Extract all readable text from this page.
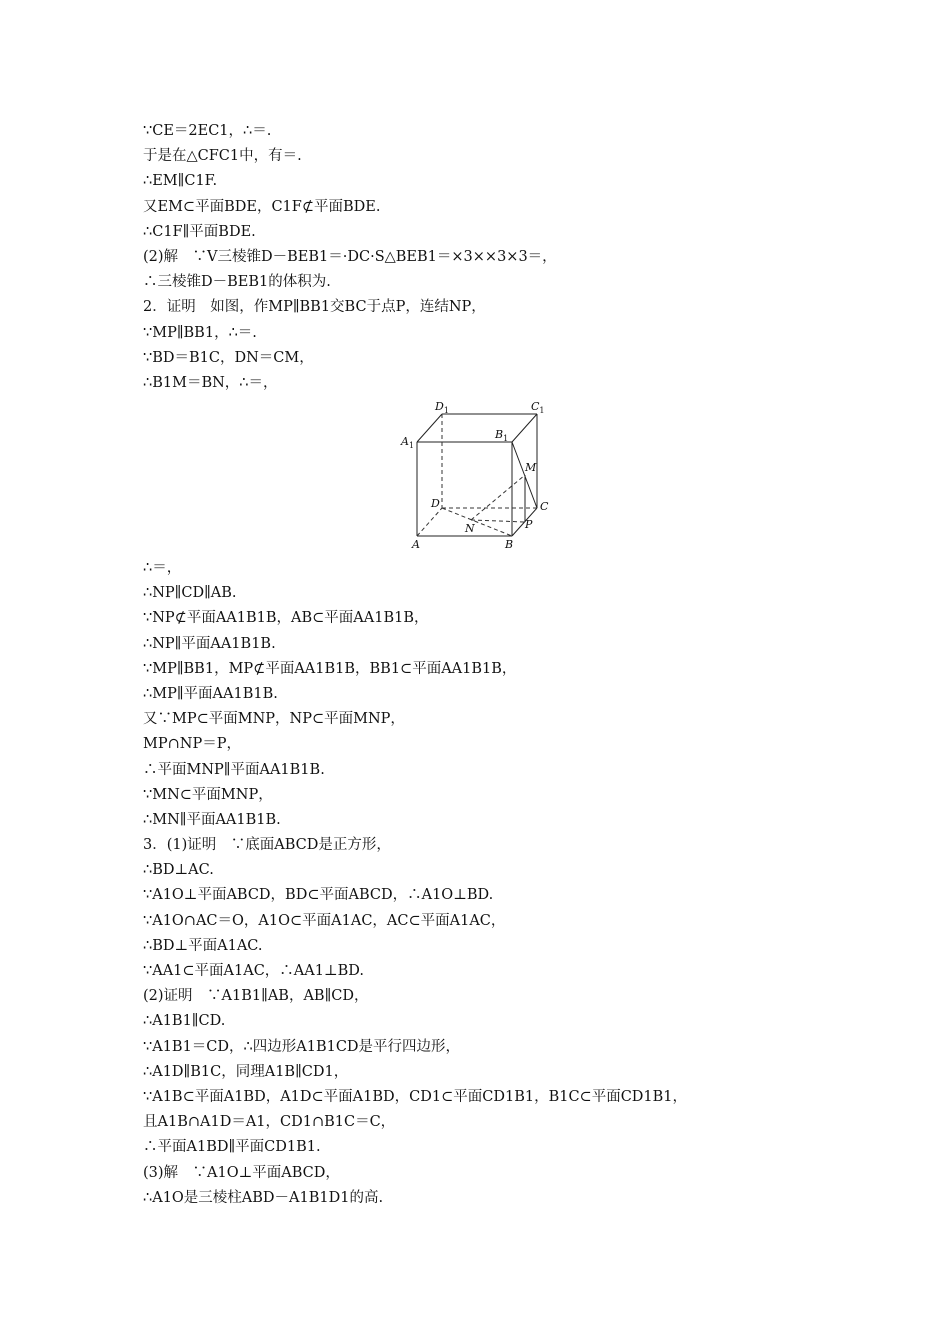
∵CE＝2EC1，∴＝.
于是在△CFC1中，有＝.
∴EM∥C1F.
又EM⊂平面BDE，C1F⊄平面BDE.
∴C1F∥平面BDE.
(2)解　∵V三棱锥D－BEB1＝·DC·S△BEB1＝×3××3×3＝，
∴三棱锥D－BEB1的体积为.
2．证明　如图，作MP∥BB1交BC于点P，连结NP，
∵MP∥BB1，∴＝.
∵BD＝B1C，DN＝CM，
∴B1M＝BN，∴＝，
$D_1$	$C_1$
$A_1$
$B_1$
M
D	C
N	P
A	B
∴＝，
∴NP∥CD∥AB.
∵NP⊄平面AA1B1B，AB⊂平面AA1B1B，
∴NP∥平面AA1B1B.
∵MP∥BB1，MP⊄平面AA1B1B，BB1⊂平面AA1B1B，
∴MP∥平面AA1B1B.
又∵MP⊂平面MNP，NP⊂平面MNP，
MP∩NP＝P，
∴平面MNP∥平面AA1B1B.
∵MN⊂平面MNP，
∴MN∥平面AA1B1B.
3．(1)证明　∵底面ABCD是正方形，
∴BD⊥AC.
∵A1O⊥平面ABCD，BD⊂平面ABCD，∴A1O⊥BD.
∵A1O∩AC＝O，A1O⊂平面A1AC，AC⊂平面A1AC，
∴BD⊥平面A1AC.
∵AA1⊂平面A1AC，∴AA1⊥BD.
(2)证明　∵A1B1∥AB，AB∥CD，
∴A1B1∥CD.
∵A1B1＝CD，∴四边形A1B1CD是平行四边形，
∴A1D∥B1C，同理A1B∥CD1，
∵A1B⊂平面A1BD，A1D⊂平面A1BD，CD1⊂平面CD1B1，B1C⊂平面CD1B1，
且A1B∩A1D＝A1，CD1∩B1C＝C，
∴平面A1BD∥平面CD1B1.
(3)解　∵A1O⊥平面ABCD，
∴A1O是三棱柱ABD－A1B1D1的高.
